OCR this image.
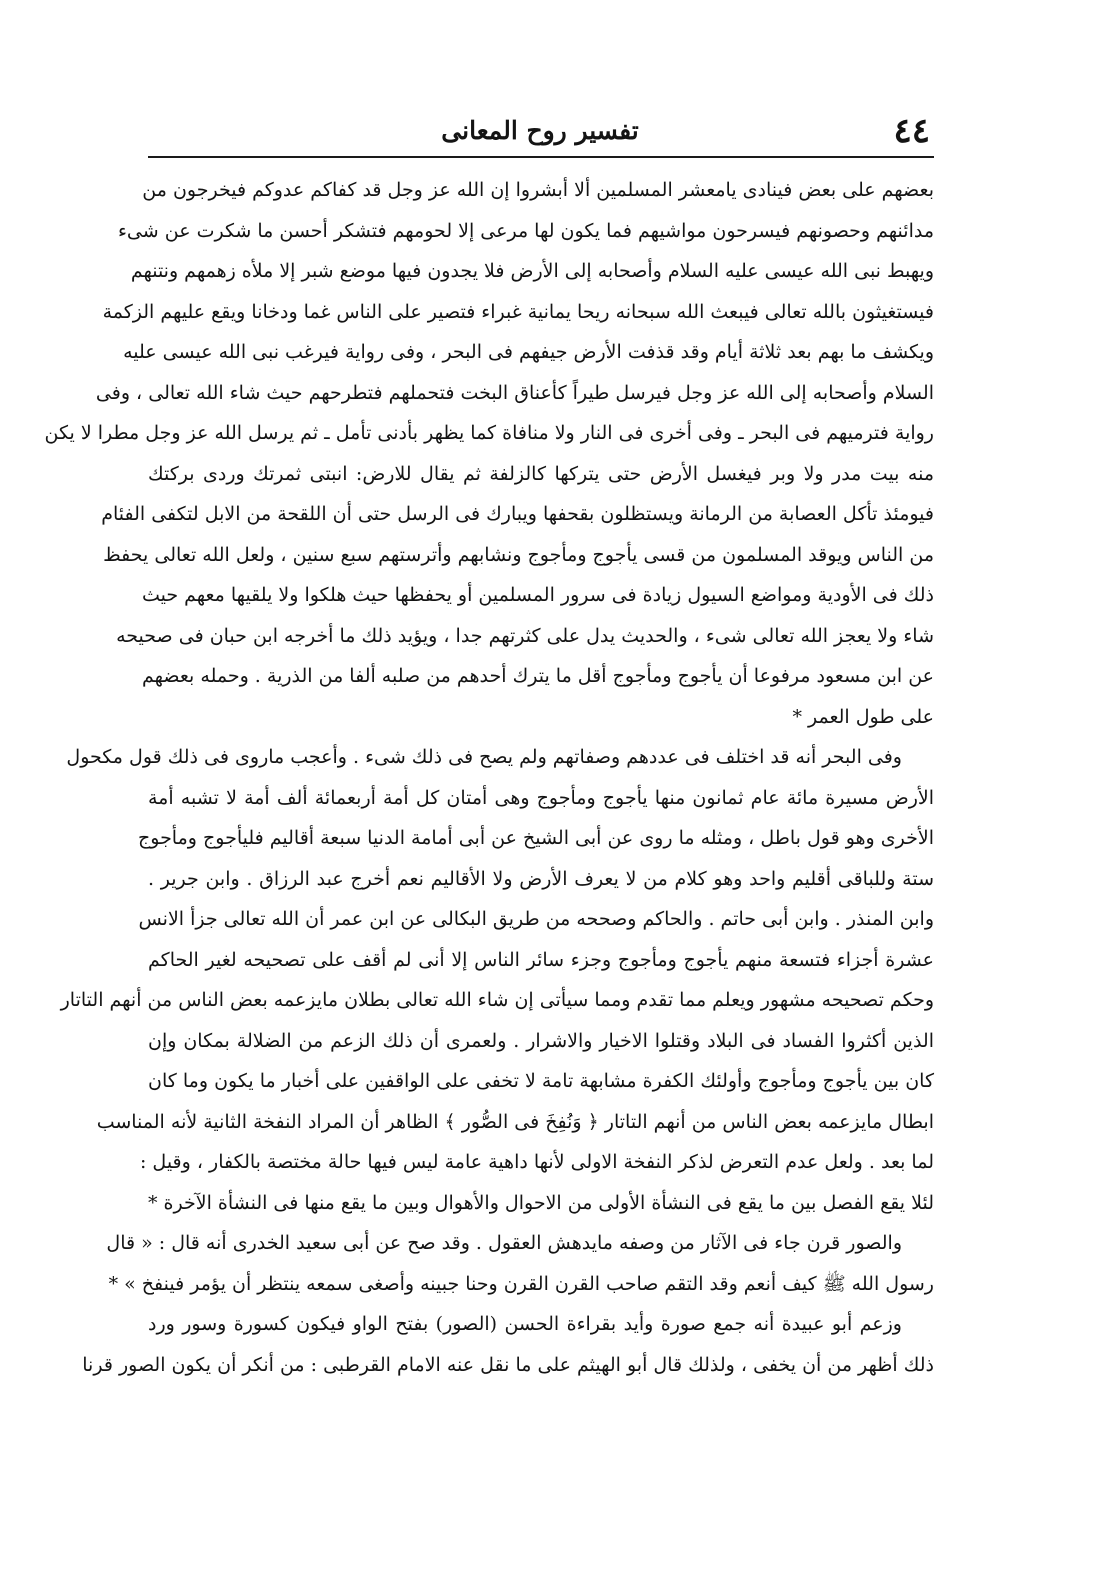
٤٤
تفسير روح المعانى
بعضهم على بعض فينادى يامعشر المسلمين ألا أبشروا إن الله عز وجل قد كفاكم عدوكم فيخرجون من
مدائنهم وحصونهم فيسرحون مواشيهم فما يكون لها مرعى إلا لحومهم فتشكر أحسن ما شكرت عن شىء
ويهبط نبى الله عيسى عليه السلام وأصحابه إلى الأرض فلا يجدون فيها موضع شبر إلا ملأه زهمهم ونتنهم
فيستغيثون بالله تعالى فيبعث الله سبحانه ريحا يمانية غبراء فتصير على الناس غما ودخانا ويقع عليهم الزكمة
ويكشف ما بهم بعد ثلاثة أيام وقد قذفت الأرض جيفهم فى البحر ، وفى رواية فيرغب نبى الله عيسى عليه
السلام وأصحابه إلى الله عز وجل فيرسل طيراً كأعناق البخت فتحملهم فتطرحهم حيث شاء الله تعالى ، وفى
رواية فترميهم فى البحر ـ وفى أخرى فى النار ولا منافاة كما يظهر بأدنى تأمل ـ ثم يرسل الله عز وجل مطرا لا يكن
منه بيت مدر ولا وبر فيغسل الأرض حتى يتركها كالزلفة ثم يقال للارض: انبتى ثمرتك وردى بركتك
فيومئذ تأكل العصابة من الرمانة ويستظلون بقحفها ويبارك فى الرسل حتى أن اللقحة من الابل لتكفى الفئام
من الناس ويوقد المسلمون من قسى يأجوج ومأجوج ونشابهم وأترستهم سبع سنين ، ولعل الله تعالى يحفظ
ذلك فى الأودية ومواضع السيول زيادة فى سرور المسلمين أو يحفظها حيث هلكوا ولا يلقيها معهم حيث
شاء ولا يعجز الله تعالى شىء ، والحديث يدل على كثرتهم جدا ، ويؤيد ذلك ما أخرجه ابن حبان فى صحيحه
عن ابن مسعود مرفوعا أن يأجوج ومأجوج أقل ما يترك أحدهم من صلبه ألفا من الذرية . وحمله بعضهم
على طول العمر *
وفى البحر أنه قد اختلف فى عددهم وصفاتهم ولم يصح فى ذلك شىء . وأعجب ماروى فى ذلك قول مكحول
الأرض مسيرة مائة عام ثمانون منها يأجوج ومأجوج وهى أمتان كل أمة أربعمائة ألف أمة لا تشبه أمة
الأخرى وهو قول باطل ، ومثله ما روى عن أبى الشيخ عن أبى أمامة الدنيا سبعة أقاليم فليأجوج ومأجوج
ستة وللباقى أقليم واحد وهو كلام من لا يعرف الأرض ولا الأقاليم نعم أخرج عبد الرزاق . وابن جرير .
وابن المنذر . وابن أبى حاتم . والحاكم وصححه من طريق البكالى عن ابن عمر أن الله تعالى جزأ الانس
عشرة أجزاء فتسعة منهم يأجوج ومأجوج وجزء سائر الناس إلا أنى لم أقف على تصحيحه لغير الحاكم
وحكم تصحيحه مشهور ويعلم مما تقدم ومما سيأتى إن شاء الله تعالى بطلان مايزعمه بعض الناس من أنهم التاتار
الذين أكثروا الفساد فى البلاد وقتلوا الاخيار والاشرار . ولعمرى أن ذلك الزعم من الضلالة بمكان وإن
كان بين يأجوج ومأجوج وأولئك الكفرة مشابهة تامة لا تخفى على الواقفين على أخبار ما يكون وما كان
ابطال مايزعمه بعض الناس من أنهم التاتار ﴿ وَنُفِخَ فى الصُّور ﴾ الظاهر أن المراد النفخة الثانية لأنه المناسب
لما بعد . ولعل عدم التعرض لذكر النفخة الاولى لأنها داهية عامة ليس فيها حالة مختصة بالكفار ، وقيل :
لئلا يقع الفصل بين ما يقع فى النشأة الأولى من الاحوال والأهوال وبين ما يقع منها فى النشأة الآخرة *
والصور قرن جاء فى الآثار من وصفه مايدهش العقول . وقد صح عن أبى سعيد الخدرى أنه قال : « قال
رسول الله ﷺ كيف أنعم وقد التقم صاحب القرن القرن وحنا جبينه وأصغى سمعه ينتظر أن يؤمر فينفخ » *
وزعم أبو عبيدة أنه جمع صورة وأيد بقراءة الحسن (الصور) بفتح الواو فيكون كسورة وسور ورد
ذلك أظهر من أن يخفى ، ولذلك قال أبو الهيثم على ما نقل عنه الامام القرطبى : من أنكر أن يكون الصور قرنا
